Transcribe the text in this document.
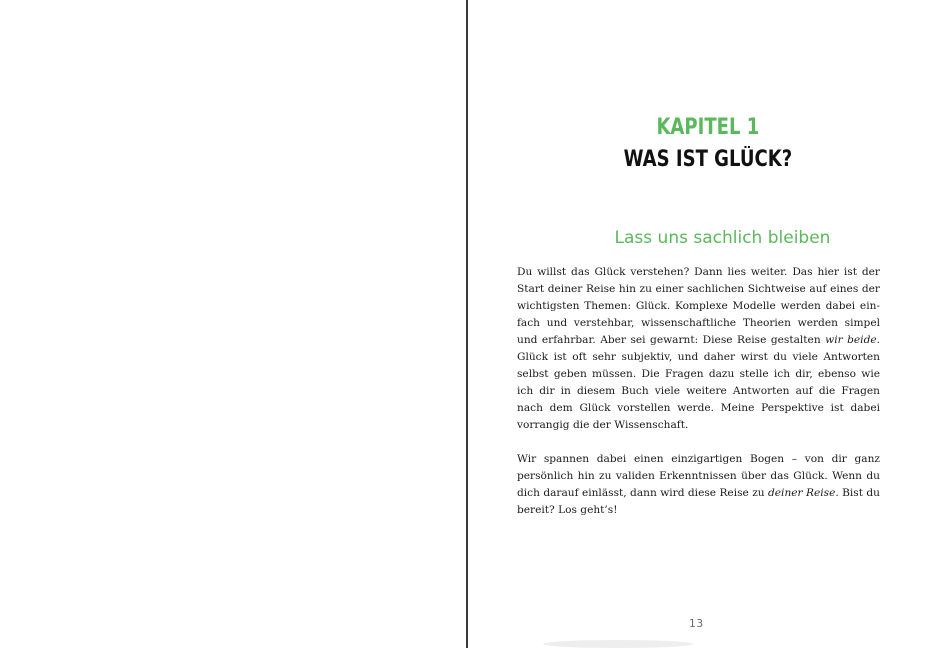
KAPITEL 1
WAS IST GLÜCK?
Lass uns sachlich bleiben

Du willst das Glück verstehen? Dann lies weiter. Das hier ist der Start deiner Reise hin zu einer sachlichen Sichtweise auf eines der wichtigsten Themen: Glück. Komplexe Modelle werden dabei einfach und verstehbar, wissenschaftliche Theorien werden simpel und erfahrbar. Aber sei gewarnt: Diese Reise gestalten wir beide. Glück ist oft sehr subjektiv, und daher wirst du viele Antworten selbst geben müssen. Die Fragen dazu stelle ich dir, ebenso wie ich dir in diesem Buch viele weitere Antworten auf die Fragen nach dem Glück vorstellen werde. Meine Perspektive ist dabei vorrangig die der Wissenschaft.

Wir spannen dabei einen einzigartigen Bogen – von dir ganz persönlich hin zu validen Erkenntnissen über das Glück. Wenn du dich darauf einlässt, dann wird diese Reise zu deiner Reise. Bist du bereit? Los geht’s!

13
